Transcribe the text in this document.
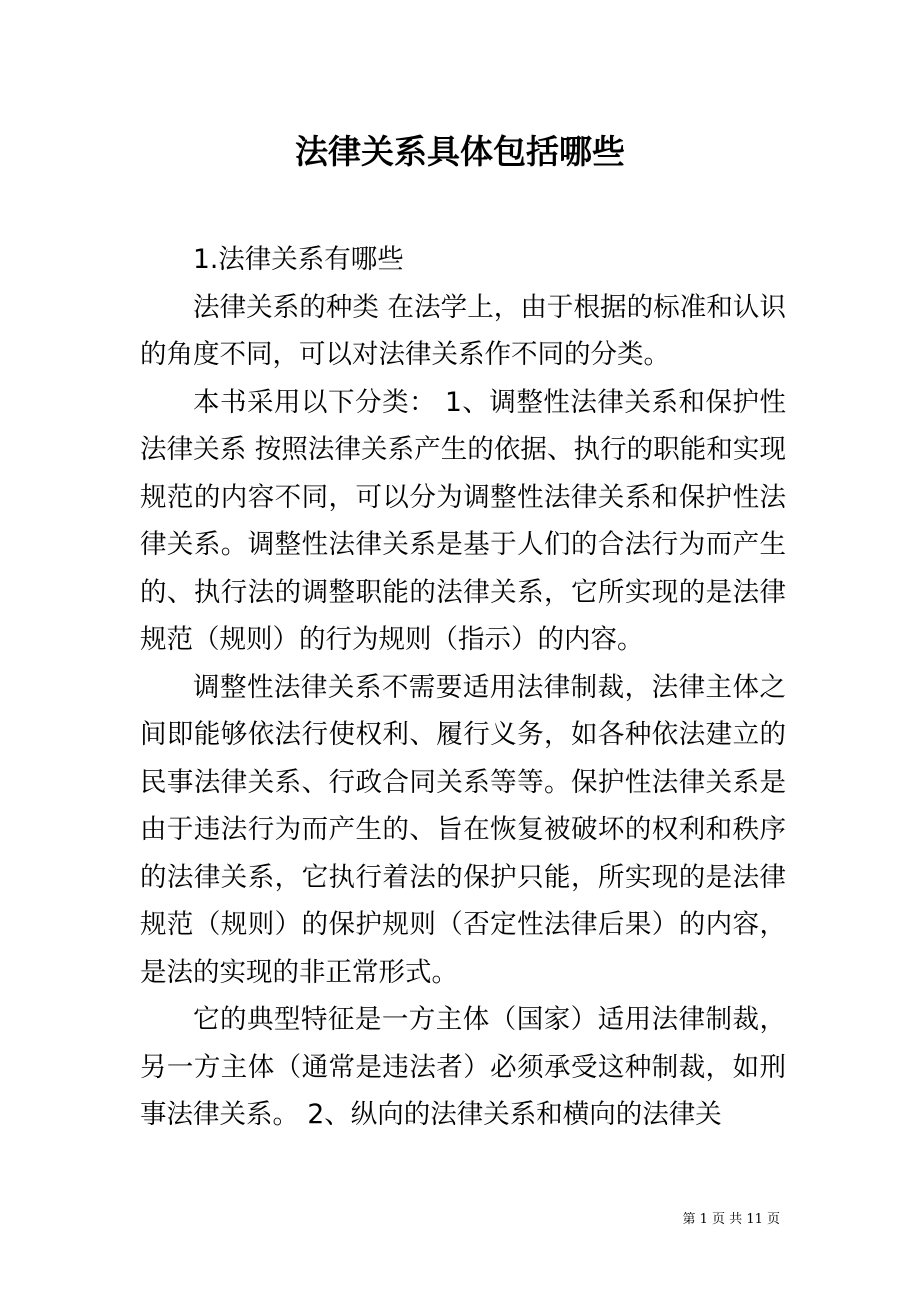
法律关系具体包括哪些

1.法律关系有哪些

法律关系的种类 在法学上，由于根据的标准和认识的角度不同，可以对法律关系作不同的分类。

本书采用以下分类： 1、调整性法律关系和保护性法律关系 按照法律关系产生的依据、执行的职能和实现规范的内容不同，可以分为调整性法律关系和保护性法律关系。调整性法律关系是基于人们的合法行为而产生的、执行法的调整职能的法律关系，它所实现的是法律规范（规则）的行为规则（指示）的内容。

调整性法律关系不需要适用法律制裁，法律主体之间即能够依法行使权利、履行义务，如各种依法建立的民事法律关系、行政合同关系等等。保护性法律关系是由于违法行为而产生的、旨在恢复被破坏的权利和秩序的法律关系，它执行着法的保护只能，所实现的是法律规范（规则）的保护规则（否定性法律后果）的内容，是法的实现的非正常形式。

它的典型特征是一方主体（国家）适用法律制裁，另一方主体（通常是违法者）必须承受这种制裁，如刑事法律关系。 2、纵向的法律关系和横向的法律关

第 1 页 共 11 页
